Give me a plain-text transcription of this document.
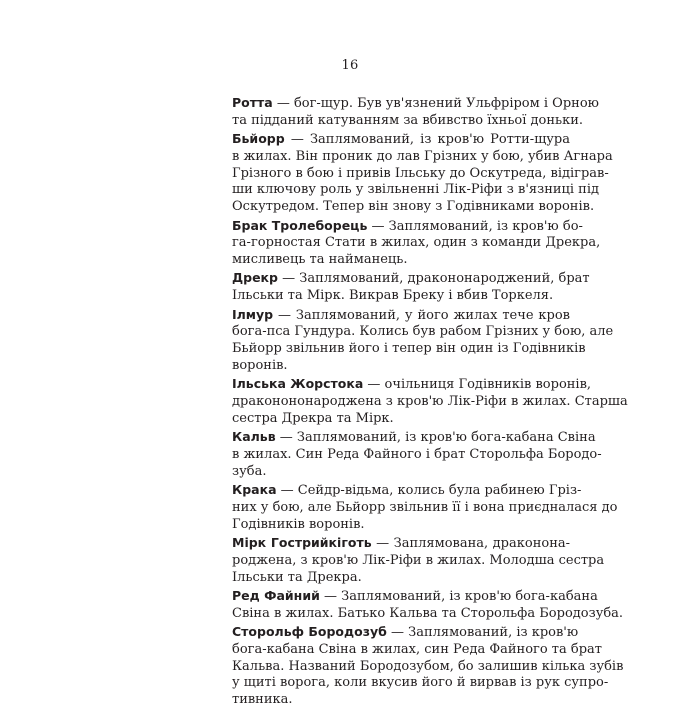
16
Ротта — бог-щур. Був ув'язнений Ульфріром і Орною
та підданий катуванням за вбивство їхньої доньки.
Бьйорр — Заплямований, із кров'ю Ротти-щура
в жилах. Він проник до лав Грізних у бою, убив Агнара
Грізного в бою і привів Ільську до Оскутреда, відіграв-
ши ключову роль у звільненні Лік-Ріфи з в'язниці під
Оскутредом. Тепер він знову з Годівниками воронів.
Брак Тролеборець — Заплямований, із кров'ю бо-
га-горностая Стати в жилах, один з команди Дрекра,
мисливець та найманець.
Дрекр — Заплямований, дракононароджений, брат
Ільськи та Мірк. Викрав Бреку і вбив Торкеля.
Ілмур — Заплямований, у його жилах тече кров
бога-пса Гундура. Колись був рабом Грізних у бою, але
Бьйорр звільнив його і тепер він один із Годівників
воронів.
Ільська Жорстока — очільниця Годівників воронів,
драконононароджена з кров'ю Лік-Ріфи в жилах. Старша
сестра Дрекра та Мірк.
Кальв — Заплямований, із кров'ю бога-кабана Свіна
в жилах. Син Реда Файного і брат Сторольфа Бородо-
зуба.
Крака — Сейдр-відьма, колись була рабинею Гріз-
них у бою, але Бьйорр звільнив її і вона приєдналася до
Годівників воронів.
Мірк Гострийкіготь — Заплямована, драконона-
роджена, з кров'ю Лік-Ріфи в жилах. Молодша сестра
Ільськи та Дрекра.
Ред Файний — Заплямований, із кров'ю бога-кабана
Свіна в жилах. Батько Кальва та Сторольфа Бородозуба.
Сторольф Бородозуб — Заплямований, із кров'ю
бога-кабана Свіна в жилах, син Реда Файного та брат
Кальва. Названий Бородозубом, бо залишив кілька зубів
у щиті ворога, коли вкусив його й вирвав із рук супро-
тивника.
